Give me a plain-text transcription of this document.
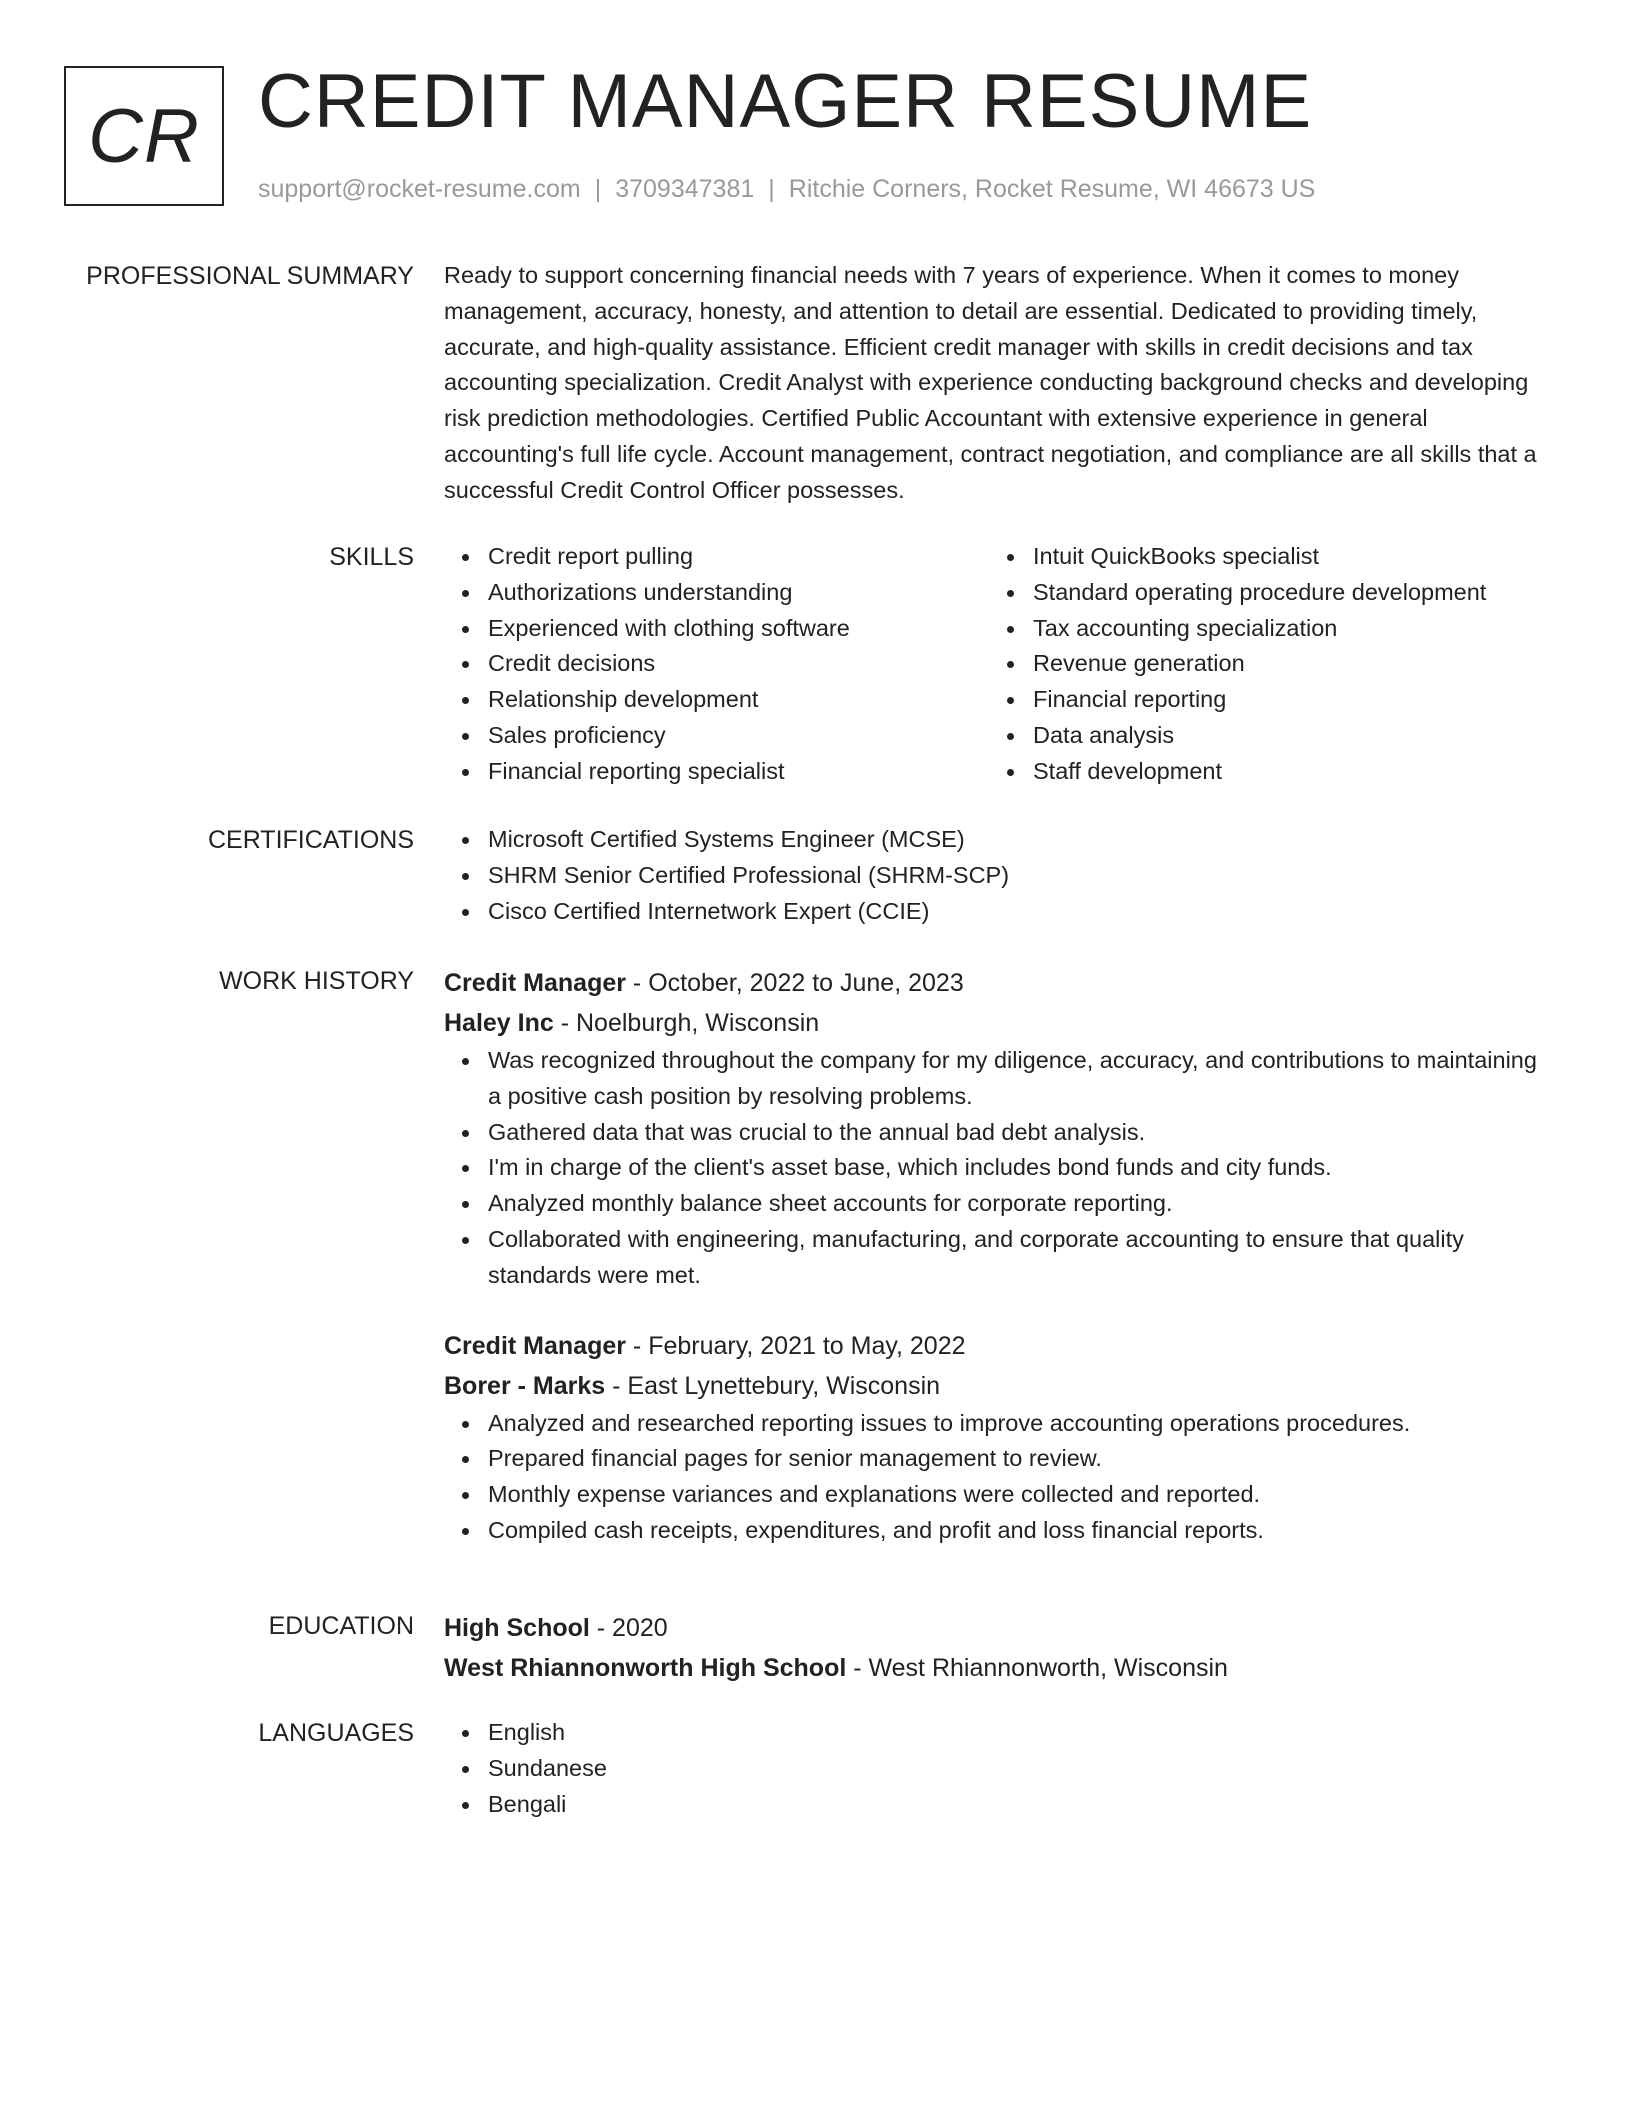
CR CREDIT MANAGER RESUME
support@rocket-resume.com | 3709347381 | Ritchie Corners, Rocket Resume, WI 46673 US
PROFESSIONAL SUMMARY Ready to support concerning financial needs with 7 years of experience. When it comes to money management, accuracy, honesty, and attention to detail are essential. Dedicated to providing timely, accurate, and high-quality assistance. Efficient credit manager with skills in credit decisions and tax accounting specialization. Credit Analyst with experience conducting background checks and developing risk prediction methodologies. Certified Public Accountant with extensive experience in general accounting's full life cycle. Account management, contract negotiation, and compliance are all skills that a successful Credit Control Officer possesses.

SKILLS	Credit report pulling
Authorizations understanding
Experienced with clothing software
Credit decisions
Relationship development
Sales proficiency
Financial reporting specialist
Intuit QuickBooks specialist
Standard operating procedure development
Tax accounting specialization
Revenue generation
Financial reporting
Data analysis
Staff development
CERTIFICATIONS	Microsoft Certified Systems Engineer (MCSE)
SHRM Senior Certified Professional (SHRM-SCP)
Cisco Certified Internetwork Expert (CCIE)
WORK HISTORY Credit Manager - October, 2022 to June, 2023
Haley Inc - Noelburgh, Wisconsin
Was recognized throughout the company for my diligence, accuracy, and contributions to maintaining a positive cash position by resolving problems.
Gathered data that was crucial to the annual bad debt analysis.
I'm in charge of the client's asset base, which includes bond funds and city funds.
Analyzed monthly balance sheet accounts for corporate reporting.
Collaborated with engineering, manufacturing, and corporate accounting to ensure that quality standards were met.
Credit Manager - February, 2021 to May, 2022
Borer - Marks - East Lynettebury, Wisconsin
Analyzed and researched reporting issues to improve accounting operations procedures.
Prepared financial pages for senior management to review.
Monthly expense variances and explanations were collected and reported.
Compiled cash receipts, expenditures, and profit and loss financial reports.
EDUCATION High School - 2020
West Rhiannonworth High School - West Rhiannonworth, Wisconsin
LANGUAGES	English
Sundanese
Bengali
